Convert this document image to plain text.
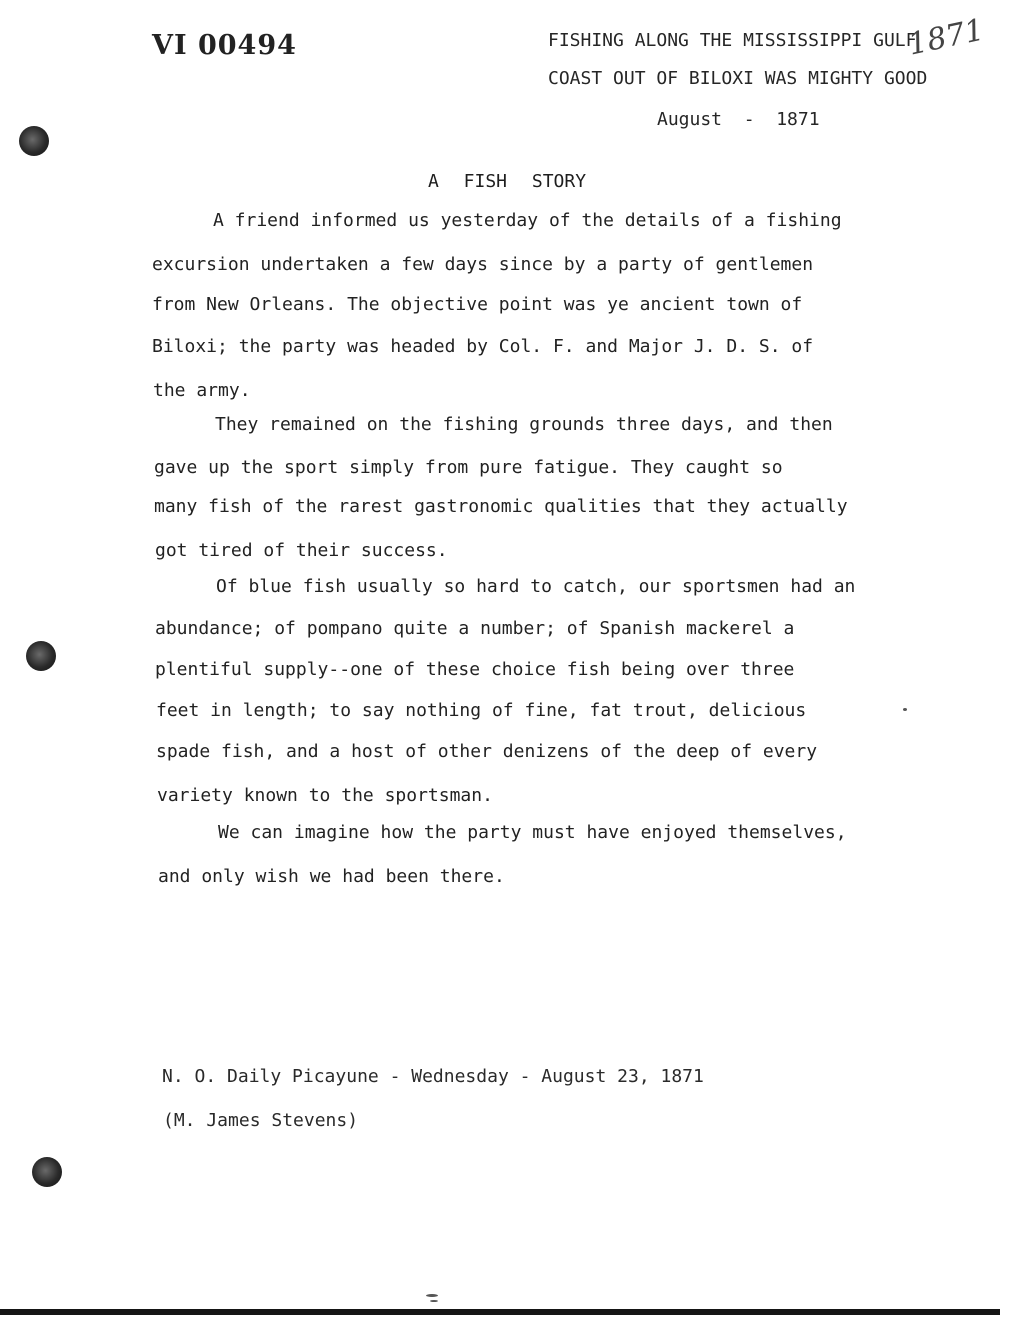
VI 00494	FISHING ALONG THE MISSISSIPPI GULF
COAST OUT OF BILOXI WAS MIGHTY GOOD
August  -  1871
1871
A FISH STORY
A friend informed us yesterday of the details of a fishing
excursion undertaken a few days since by a party of gentlemen
from New Orleans. The objective point was ye ancient town of
Biloxi; the party was headed by Col. F. and Major J. D. S. of
the army.
They remained on the fishing grounds three days, and then
gave up the sport simply from pure fatigue. They caught so
many fish of the rarest gastronomic qualities that they actually
got tired of their success.
Of blue fish usually so hard to catch, our sportsmen had an
abundance; of pompano quite a number; of Spanish mackerel a
plentiful supply--one of these choice fish being over three
feet in length; to say nothing of fine, fat trout, delicious
spade fish, and a host of other denizens of the deep of every
variety known to the sportsman.
We can imagine how the party must have enjoyed themselves,
and only wish we had been there.
N. O. Daily Picayune - Wednesday - August 23, 1871
(M. James Stevens)
